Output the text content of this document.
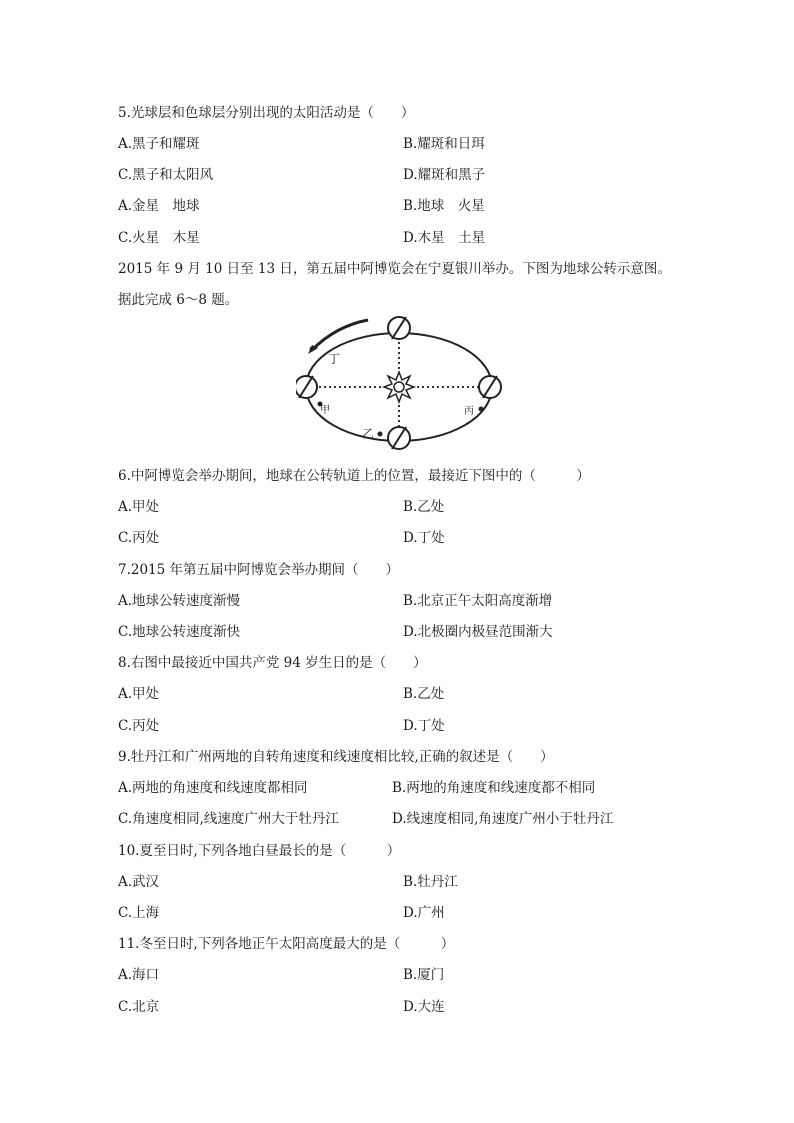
5.光球层和色球层分别出现的太阳活动是（　　）
A.黑子和耀斑	B.耀斑和日珥
C.黑子和太阳风	D.耀斑和黑子
A.金星　地球	B.地球　火星
C.火星　木星	D.木星　土星
2015 年 9 月 10 日至 13 日，第五届中阿博览会在宁夏银川举办。下图为地球公转示意图。
据此完成 6～8 题。
丁
甲
乙
丙
6.中阿博览会举办期间，地球在公转轨道上的位置，最接近下图中的（　　　）
A.甲处	B.乙处
C.丙处	D.丁处
7.2015 年第五届中阿博览会举办期间（　　）
A.地球公转速度渐慢	B.北京正午太阳高度渐增
C.地球公转速度渐快	D.北极圈内极昼范围渐大
8.右图中最接近中国共产党 94 岁生日的是（　　）
A.甲处	B.乙处
C.丙处	D.丁处
9.牡丹江和广州两地的自转角速度和线速度相比较,正确的叙述是（　　）
A.两地的角速度和线速度都相同	B.两地的角速度和线速度都不相同
C.角速度相同,线速度广州大于牡丹江	D.线速度相同,角速度广州小于牡丹江
10.夏至日时,下列各地白昼最长的是（　　　）
A.武汉	B.牡丹江
C.上海	D.广州
11.冬至日时,下列各地正午太阳高度最大的是（　　　）
A.海口	B.厦门
C.北京	D.大连
